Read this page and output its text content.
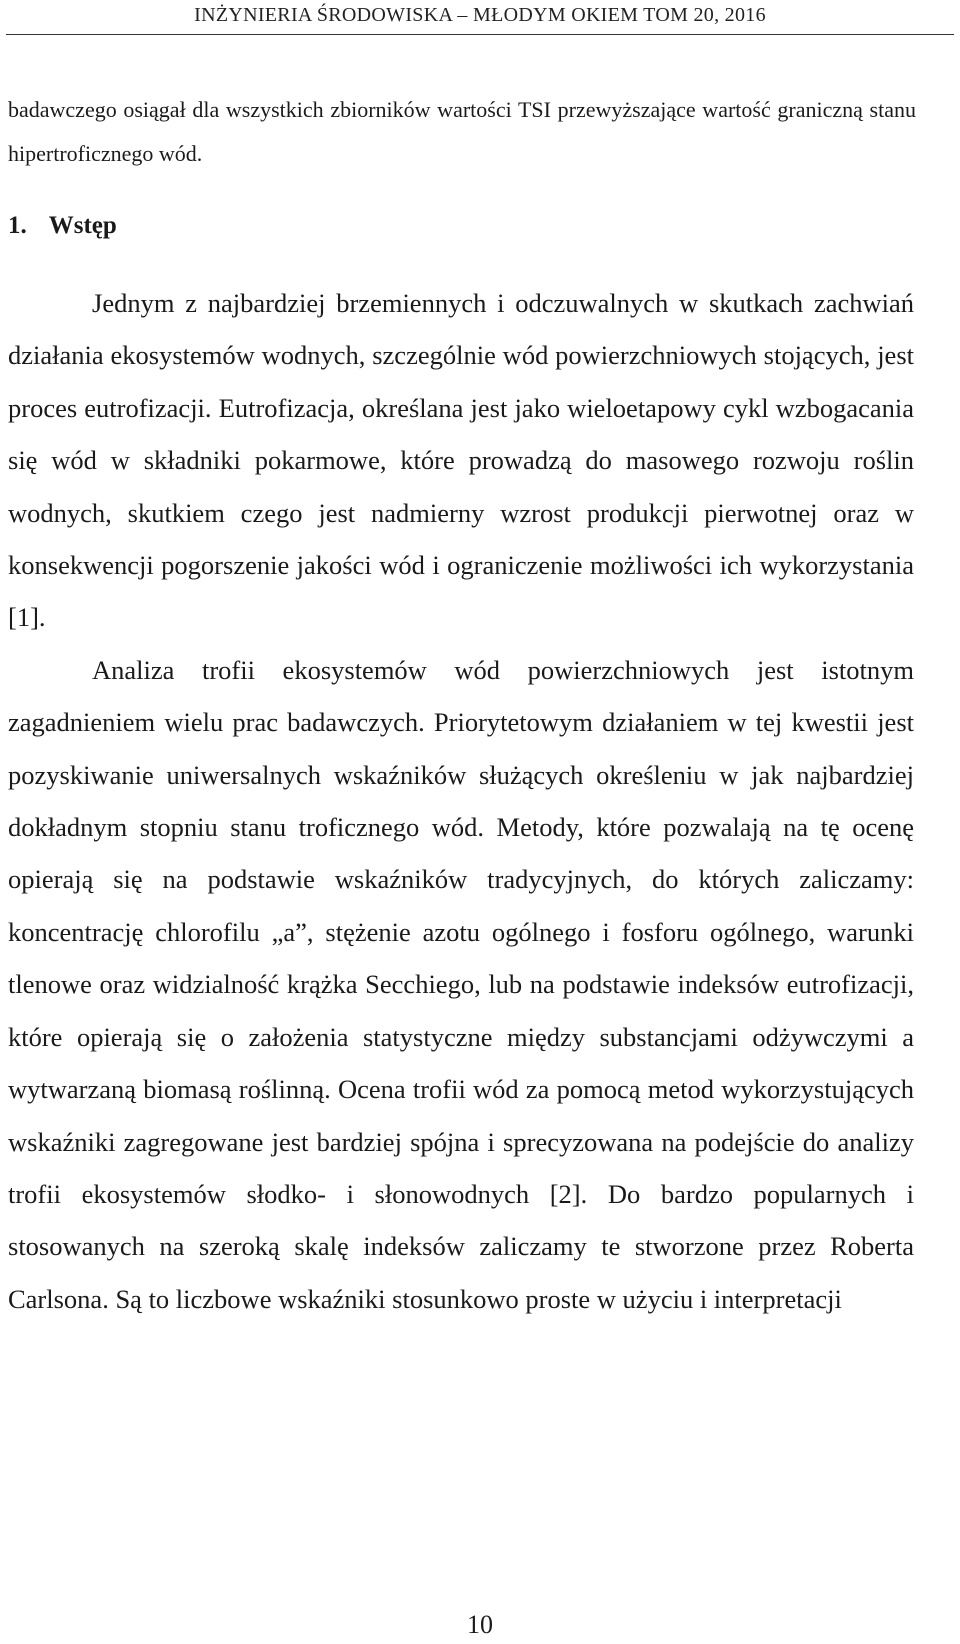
INŻYNIERIA ŚRODOWISKA – MŁODYM OKIEM TOM 20, 2016
badawczego osiągał dla wszystkich zbiorników wartości TSI przewyższające wartość graniczną stanu hipertroficznego wód.
1. Wstęp

Jednym z najbardziej brzemiennych i odczuwalnych w skutkach zachwiań działania ekosystemów wodnych, szczególnie wód powierzchniowych stojących, jest proces eutrofizacji. Eutrofizacja, określana jest jako wieloetapowy cykl wzbogacania się wód w składniki pokarmowe, które prowadzą do masowego rozwoju roślin wodnych, skutkiem czego jest nadmierny wzrost produkcji pierwotnej oraz w konsekwencji pogorszenie jakości wód i ograniczenie możliwości ich wykorzystania [1].

Analiza trofii ekosystemów wód powierzchniowych jest istotnym zagadnieniem wielu prac badawczych. Priorytetowym działaniem w tej kwestii jest pozyskiwanie uniwersalnych wskaźników służących określeniu w jak najbardziej dokładnym stopniu stanu troficznego wód. Metody, które pozwalają na tę ocenę opierają się na podstawie wskaźników tradycyjnych, do których zaliczamy: koncentrację chlorofilu „a”, stężenie azotu ogólnego i fosforu ogólnego, warunki tlenowe oraz widzialność krążka Secchiego, lub na podstawie indeksów eutrofizacji, które opierają się o założenia statystyczne między substancjami odżywczymi a wytwarzaną biomasą roślinną. Ocena trofii wód za pomocą metod wykorzystujących wskaźniki zagregowane jest bardziej spójna i sprecyzowana na podejście do analizy trofii ekosystemów słodko- i słonowodnych [2]. Do bardzo popularnych i stosowanych na szeroką skalę indeksów zaliczamy te stworzone przez Roberta Carlsona. Są to liczbowe wskaźniki stosunkowo proste w użyciu i interpretacji

10
